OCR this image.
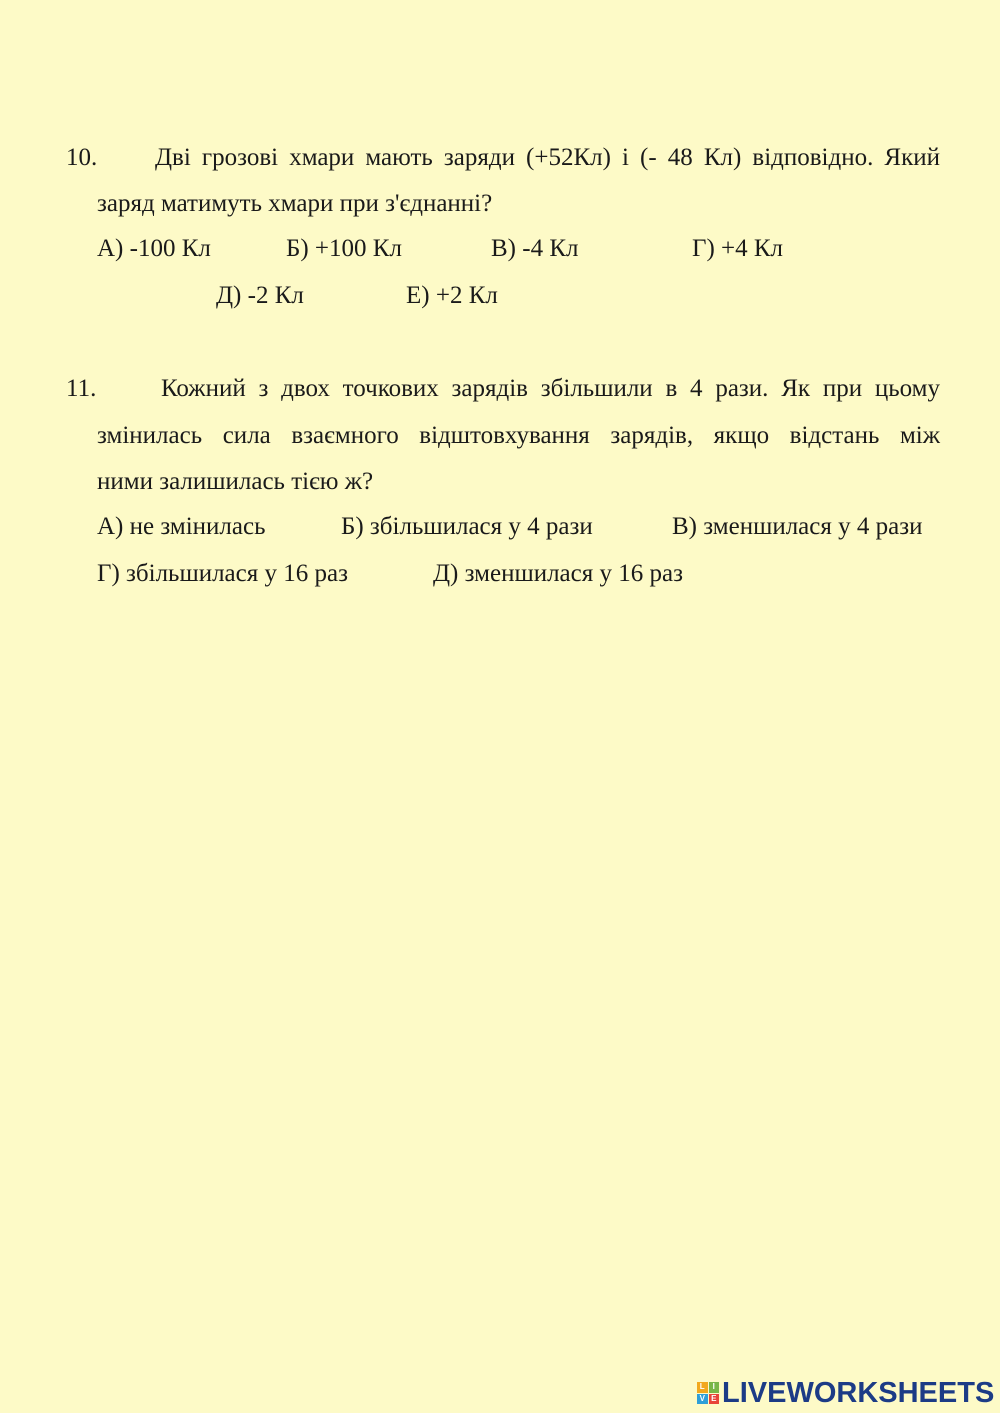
10. Дві грозові хмари мають заряди (+52Кл) і (- 48 Кл) відповідно. Який
заряд матимуть хмари при з'єднанні?
А) -100 Кл	Б) +100 Кл	В) -4 Кл	Г) +4 Кл
Д) -2 Кл	Е) +2 Кл
11.	Кожний з двох точкових зарядів збільшили в 4 рази. Як при цьому
змінилась сила взаємного відштовхування зарядів, якщо відстань між
ними залишилась тією ж?
А) не змінилась	Б) збільшилася у 4 рази	В) зменшилася у 4 рази
Г) збільшилася у 16 раз	Д) зменшилася у 16 раз
L I
V E LIVEWORKSHEETS
